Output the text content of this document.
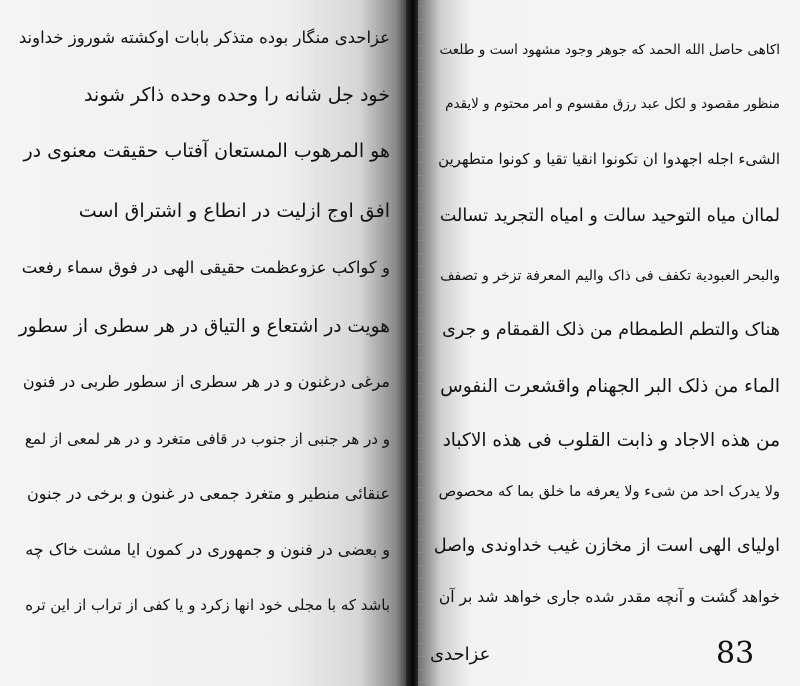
عزاحدی منگار بوده متذکر بابات اوکشته شوروز خداوند
خود جل شانه را وحده وحده ذاکر شوند
هو المرهوب المستعان آفتاب حقیقت معنوی در
افق اوج ازلیت در انطاع و اشتراق است
و کواکب عزوعظمت حقیقی الهی در فوق سماء رفعت
هویت در اشتعاع و التیاق در هر سطری از سطور
مرغی درغنون و در هر سطری از سطور طربی در فنون
و در هر جنبی از جنوب در قافی متغرد و در هر لمعی از لمع
عنقائی منطیر و متغرد جمعی در غنون و برخی در جنون
و بعضی در فنون و جمهوری در کمون ایا مشت خاک چه
باشد که با مجلی خود انها زکرد و یا کفی از تراب از این تره
اکاهی حاصل الله الحمد که جوهر وجود مشهود است و طلعت
منظور مقصود و لکل عبد رزق مقسوم و امر محتوم و لایقدم
الشیء اجله اجهدوا ان تکونوا انقیا تقیا و کونوا متطهرین
لماان میاه التوحید سالت و امیاه التجرید تسالت
والبحر العبودیة تکفف فی ذاک والیم المعرفة تزخر و تصفف
هناک والتطم الطمطام من ذلک القمقام و جری
الماء من ذلک البر الجهنام واقشعرت النفوس
من هذه الاجاد و ذابت القلوب فی هذه الاکباد
ولا یدرک احد من شیء ولا یعرفه ما خلق بما که محصوص
اولیای الهی است از مخازن غیب خداوندی واصل
خواهد گشت و آنچه مقدر شده جاری خواهد شد بر آن
عزاحدی	83
